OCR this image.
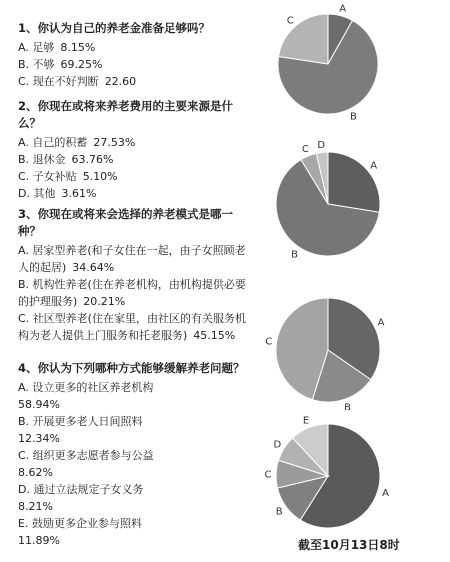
1、你认为自己的养老金准备足够吗？
A. 足够 8.15%
B. 不够 69.25%
C. 现在不好判断 22.60
2、你现在或将来养老费用的主要来源是什么？
A. 自己的积蓄 27.53%
B. 退休金 63.76%
C. 子女补贴 5.10%
D. 其他 3.61%
3、你现在或将来会选择的养老模式是哪一种？
A. 居家型养老(和子女住在一起，由子女照顾老人的起居) 34.64%
B. 机构性养老(住在养老机构，由机构提供必要的护理服务) 20.21%
C. 社区型养老(住在家里，由社区的有关服务机构为老人提供上门服务和托老服务) 45.15%
4、你认为下列哪种方式能够缓解养老问题？
A. 设立更多的社区养老机构
58.94%
B. 开展更多老人日间照料
12.34%
C. 组织更多志愿者参与公益
8.62%
D. 通过立法规定子女义务
8.21%
E. 鼓励更多企业参与照料
11.89%
A
B
C
A
B
C D
A
B
C
A
B
C
D
E
截至10月13日8时
